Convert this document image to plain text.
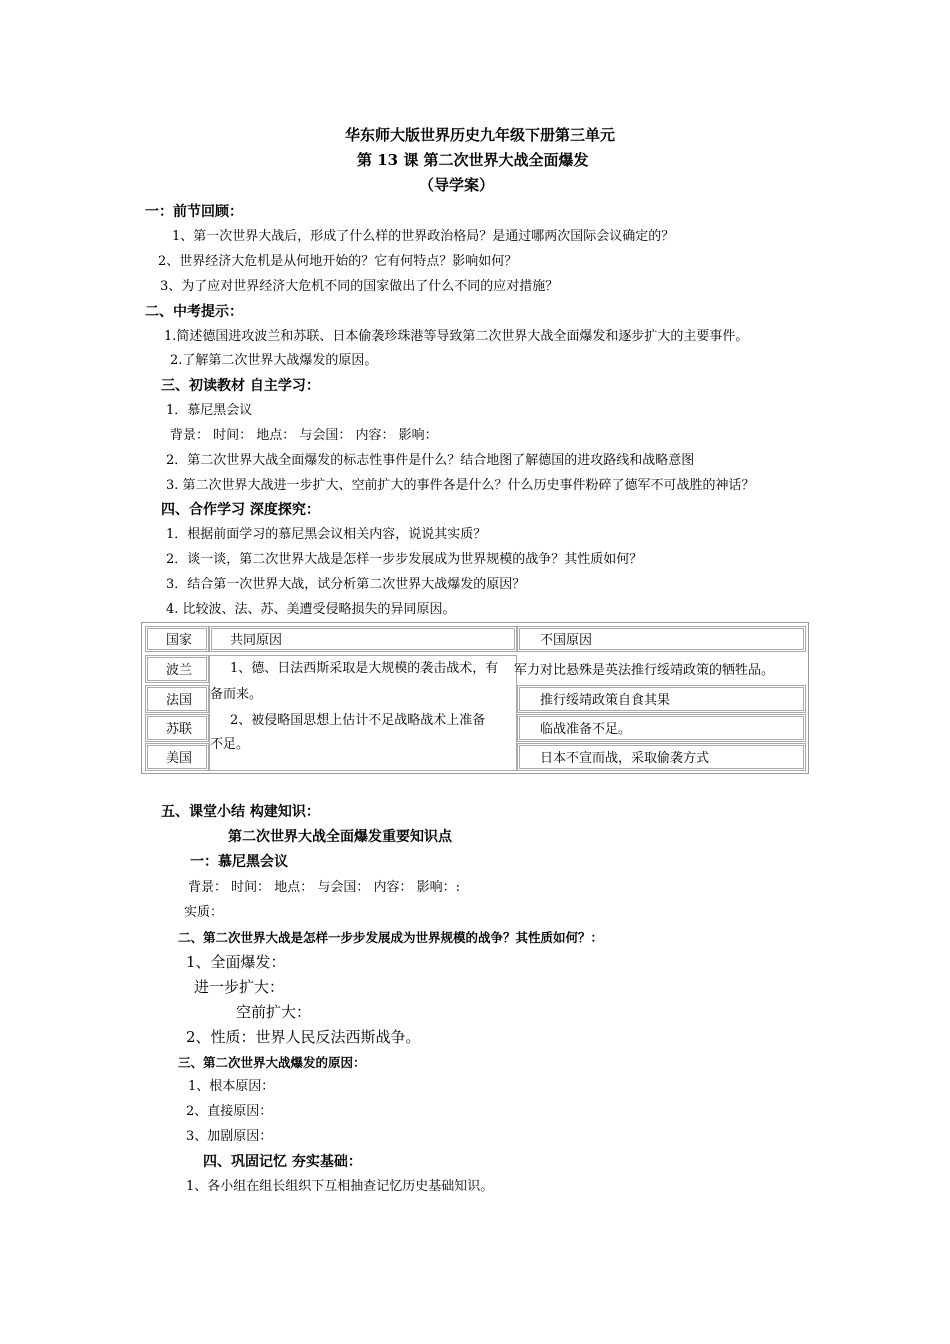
华东师大版世界历史九年级下册第三单元
第 13 课 第二次世界大战全面爆发
（导学案）
一：前节回顾：
1、第一次世界大战后，形成了什么样的世界政治格局？是通过哪两次国际会议确定的？
2、世界经济大危机是从何地开始的？它有何特点？影响如何？
3、为了应对世界经济大危机不同的国家做出了什么不同的应对措施？
二、中考提示：
1.简述德国进攻波兰和苏联、日本偷袭珍珠港等导致第二次世界大战全面爆发和逐步扩大的主要事件。
2.了解第二次世界大战爆发的原因。
三、初读教材 自主学习：
1．慕尼黑会议
背景： 时间： 地点： 与会国： 内容： 影响：
2．第二次世界大战全面爆发的标志性事件是什么？结合地图了解德国的进攻路线和战略意图
3. 第二次世界大战进一步扩大、空前扩大的事件各是什么？什么历史事件粉碎了德军不可战胜的神话？
四、合作学习 深度探究：
1．根据前面学习的慕尼黑会议相关内容，说说其实质？
2．谈一谈，第二次世界大战是怎样一步步发展成为世界规模的战争？其性质如何？
3．结合第一次世界大战，试分析第二次世界大战爆发的原因？
4. 比较波、法、苏、美遭受侵略损失的异同原因。
国家	共同原因	不国原因
波兰
法国
苏联
美国
1、德、日法西斯采取是大规模的袭击战术，有
备而来。
2、被侵略国思想上估计不足战略战术上准备
不足。
军力对比悬殊是英法推行绥靖政策的牺牲品。
推行绥靖政策自食其果
临战准备不足。
日本不宣而战，采取偷袭方式
五、课堂小结 构建知识：
第二次世界大战全面爆发重要知识点
一：慕尼黑会议
背景： 时间： 地点： 与会国： 内容： 影响：:
实质：
二、第二次世界大战是怎样一步步发展成为世界规模的战争？其性质如何？：
1、全面爆发：
进一步扩大：
空前扩大：
2、性质：世界人民反法西斯战争。
三、第二次世界大战爆发的原因：
1、根本原因：
2、直接原因：
3、加剧原因：
四、巩固记忆 夯实基础：
1、各小组在组长组织下互相抽查记忆历史基础知识。
